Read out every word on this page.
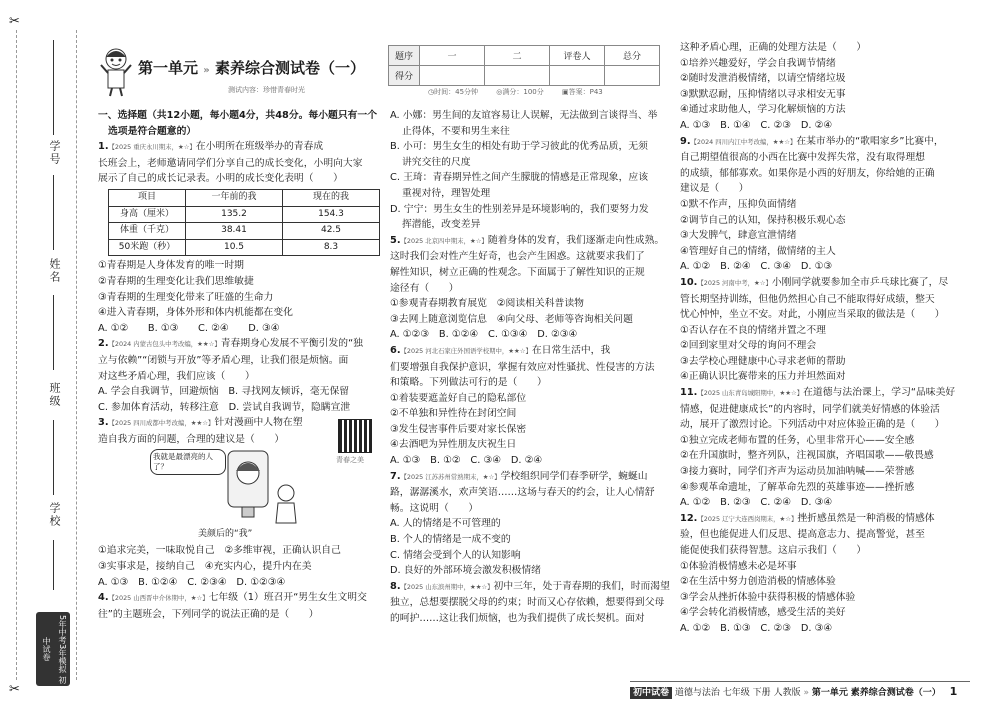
✂
✂
学号
姓名
班级
学校
5年中考3年模拟 初中试卷
第一单元 » 素养综合测试卷（一）
测试内容：珍惜青春时光
题序	一	二	评卷人	总分
得分				
◷时间：45分钟	◎满分：100分	▣答案：P43

一、选择题（共12小题，每小题4分，共48分。每小题只有一个

选项是符合题意的）

1.【2025 重庆永川期末，★☆】在小明所在班级举办的青春成

长班会上，老师邀请同学们分享自己的成长变化，小明向大家

展示了自己的成长记录表。小明的成长变化表明（　　）

项目	一年前的我	现在的我
身高（厘米）	135.2	154.3
体重（千克）	38.41	42.5
50米跑（秒）	10.5	8.3

①青春期是人身体发育的唯一时期

②青春期的生理变化让我们思维敏捷

③青春期的生理变化带来了旺盛的生命力

④进入青春期，身体外形和体内机能都在变化

A. ①②　　B. ①③　　C. ②④　　D. ③④

2.【2024 内蒙古包头中考改编，★★☆】青春期身心发展不平衡引发的“独

立与依赖”“闭锁与开放”等矛盾心理，让我们很是烦恼。面

对这些矛盾心理，我们应该（　　）

A. 学会自我调节，回避烦恼　B. 寻找网友倾诉，毫无保留

C. 参加体育活动，转移注意　D. 尝试自我调节，隐瞒宣泄

3.【2025 四川成都中考改编，★★☆】针对漫画中人物在塑

造自我方面的问题，合理的建议是（　　）

我就是最漂亮的人了？
青春之美
美颜后的“我”

①追求完美，一味取悦自己　②多维审视，正确认识自己

③实事求是，接纳自己　④充实内心，提升内在美

A. ①③　B. ①②④　C. ②③④　D. ①②③④

4.【2025 山西晋中介休期中，★☆】七年级（1）班召开“男生女生文明交

往”的主题班会，下列同学的说法正确的是（　　）

A. 小娜：男生间的友谊容易让人误解，无法做到言谈得当、举

止得体，不要和男生来往

B. 小可：男生女生的相处有助于学习彼此的优秀品质，无须

讲究交往的尺度

C. 王琦：青春期异性之间产生朦胧的情感是正常现象，应该

重视对待，理智处理

D. 宁宁：男生女生的性别差异是环境影响的，我们要努力发

挥潜能，改变差异

5.【2025 北京四中期末，★☆】随着身体的发育，我们逐渐走向性成熟。

这时我们会对性产生好奇，也会产生困惑。这就要求我们了

解性知识，树立正确的性观念。下面属于了解性知识的正规

途径有（　　）

①参观青春期教育展览　②阅读相关科普读物

③去网上随意浏览信息　④向父母、老师等咨询相关问题

A. ①②③　B. ①②④　C. ①③④　D. ②③④

6.【2025 河北石家庄外国语学校期中，★★☆】在日常生活中，我

们要增强自我保护意识，掌握有效应对性骚扰、性侵害的方法

和策略。下列做法可行的是（　　）

①着装要遮盖好自己的隐私部位

②不单独和异性待在封闭空间

③发生侵害事件后要对家长保密

④去酒吧为异性朋友庆祝生日

A. ①③　B. ①②　C. ③④　D. ②④

7.【2025 江苏苏州常熟期末，★☆】学校组织同学们春季研学，蜿蜒山

路，潺潺溪水，欢声笑语……这场与春天的约会，让人心情舒

畅。这说明（　　）

A. 人的情绪是不可管理的

B. 个人的情绪是一成不变的

C. 情绪会受到个人的认知影响

D. 良好的外部环境会激发积极情绪

8.【2025 山东滨州期中，★★☆】初中三年，处于青春期的我们，时而渴望

独立，总想要摆脱父母的约束；时而又心存依赖，想要得到父母

的呵护……这让我们烦恼，也为我们提供了成长契机。面对

这种矛盾心理，正确的处理方法是（　　）

①培养兴趣爱好，学会自我调节情绪

②随时发泄消极情绪，以请空情绪垃圾

③默默忍耐，压抑情绪以寻求相安无事

④通过求助他人，学习化解烦恼的方法

A. ①③　B. ①④　C. ②③　D. ②④

9.【2024 四川内江中考改编，★★☆】在某市举办的“歌唱家乡”比赛中，

自己期望值很高的小西在比赛中发挥失常，没有取得理想

的成绩，郁郁寡欢。如果你是小西的好朋友，你给她的正确

建议是（　　）

①默不作声，压抑负面情绪

②调节自己的认知，保持积极乐观心态

③大发脾气，肆意宣泄情绪

④管理好自己的情绪，做情绪的主人

A. ①②　B. ②④　C. ③④　D. ①③

10.【2025 河南中考，★☆】小刚同学就要参加全市乒乓球比赛了，尽

管长期坚持训练，但他仍然担心自己不能取得好成绩，整天

忧心忡忡，坐立不安。对此，小刚应当采取的做法是（　　）

①否认存在不良的情绪并置之不理

②回到家里对父母的询问不理会

③去学校心理健康中心寻求老师的帮助

④正确认识比赛带来的压力并坦然面对

11.【2025 山东青岛城阳期中，★★☆】在道德与法治课上，学习“品味美好

情感，促进健康成长”的内容时，同学们就美好情感的体验活

动，展开了激烈讨论。下列活动中对应体验正确的是（　　）

①独立完成老师布置的任务，心里非常开心——安全感

②在升国旗时，整齐列队，注视国旗，齐唱国歌——敬畏感

③接力赛时，同学们齐声为运动员加油呐喊——荣誉感

④参观革命遗址，了解革命先烈的英雄事迹——挫折感

A. ①②　B. ②③　C. ②④　D. ③④

12.【2025 辽宁大连西岗期末，★☆】挫折感虽然是一种消极的情感体

验，但也能促进人们反思、提高意志力、提高警觉，甚至

能促使我们获得智慧。这启示我们（　　）

①体验消极情感未必是坏事

②在生活中努力创造消极的情感体验

③学会从挫折体验中获得积极的情感体验

④学会转化消极情感，感受生活的美好

A. ①②　B. ①③　C. ②③　D. ③④

初中试卷 道德与法治 七年级 下册 人教版 » 第一单元 素养综合测试卷（一） 1
